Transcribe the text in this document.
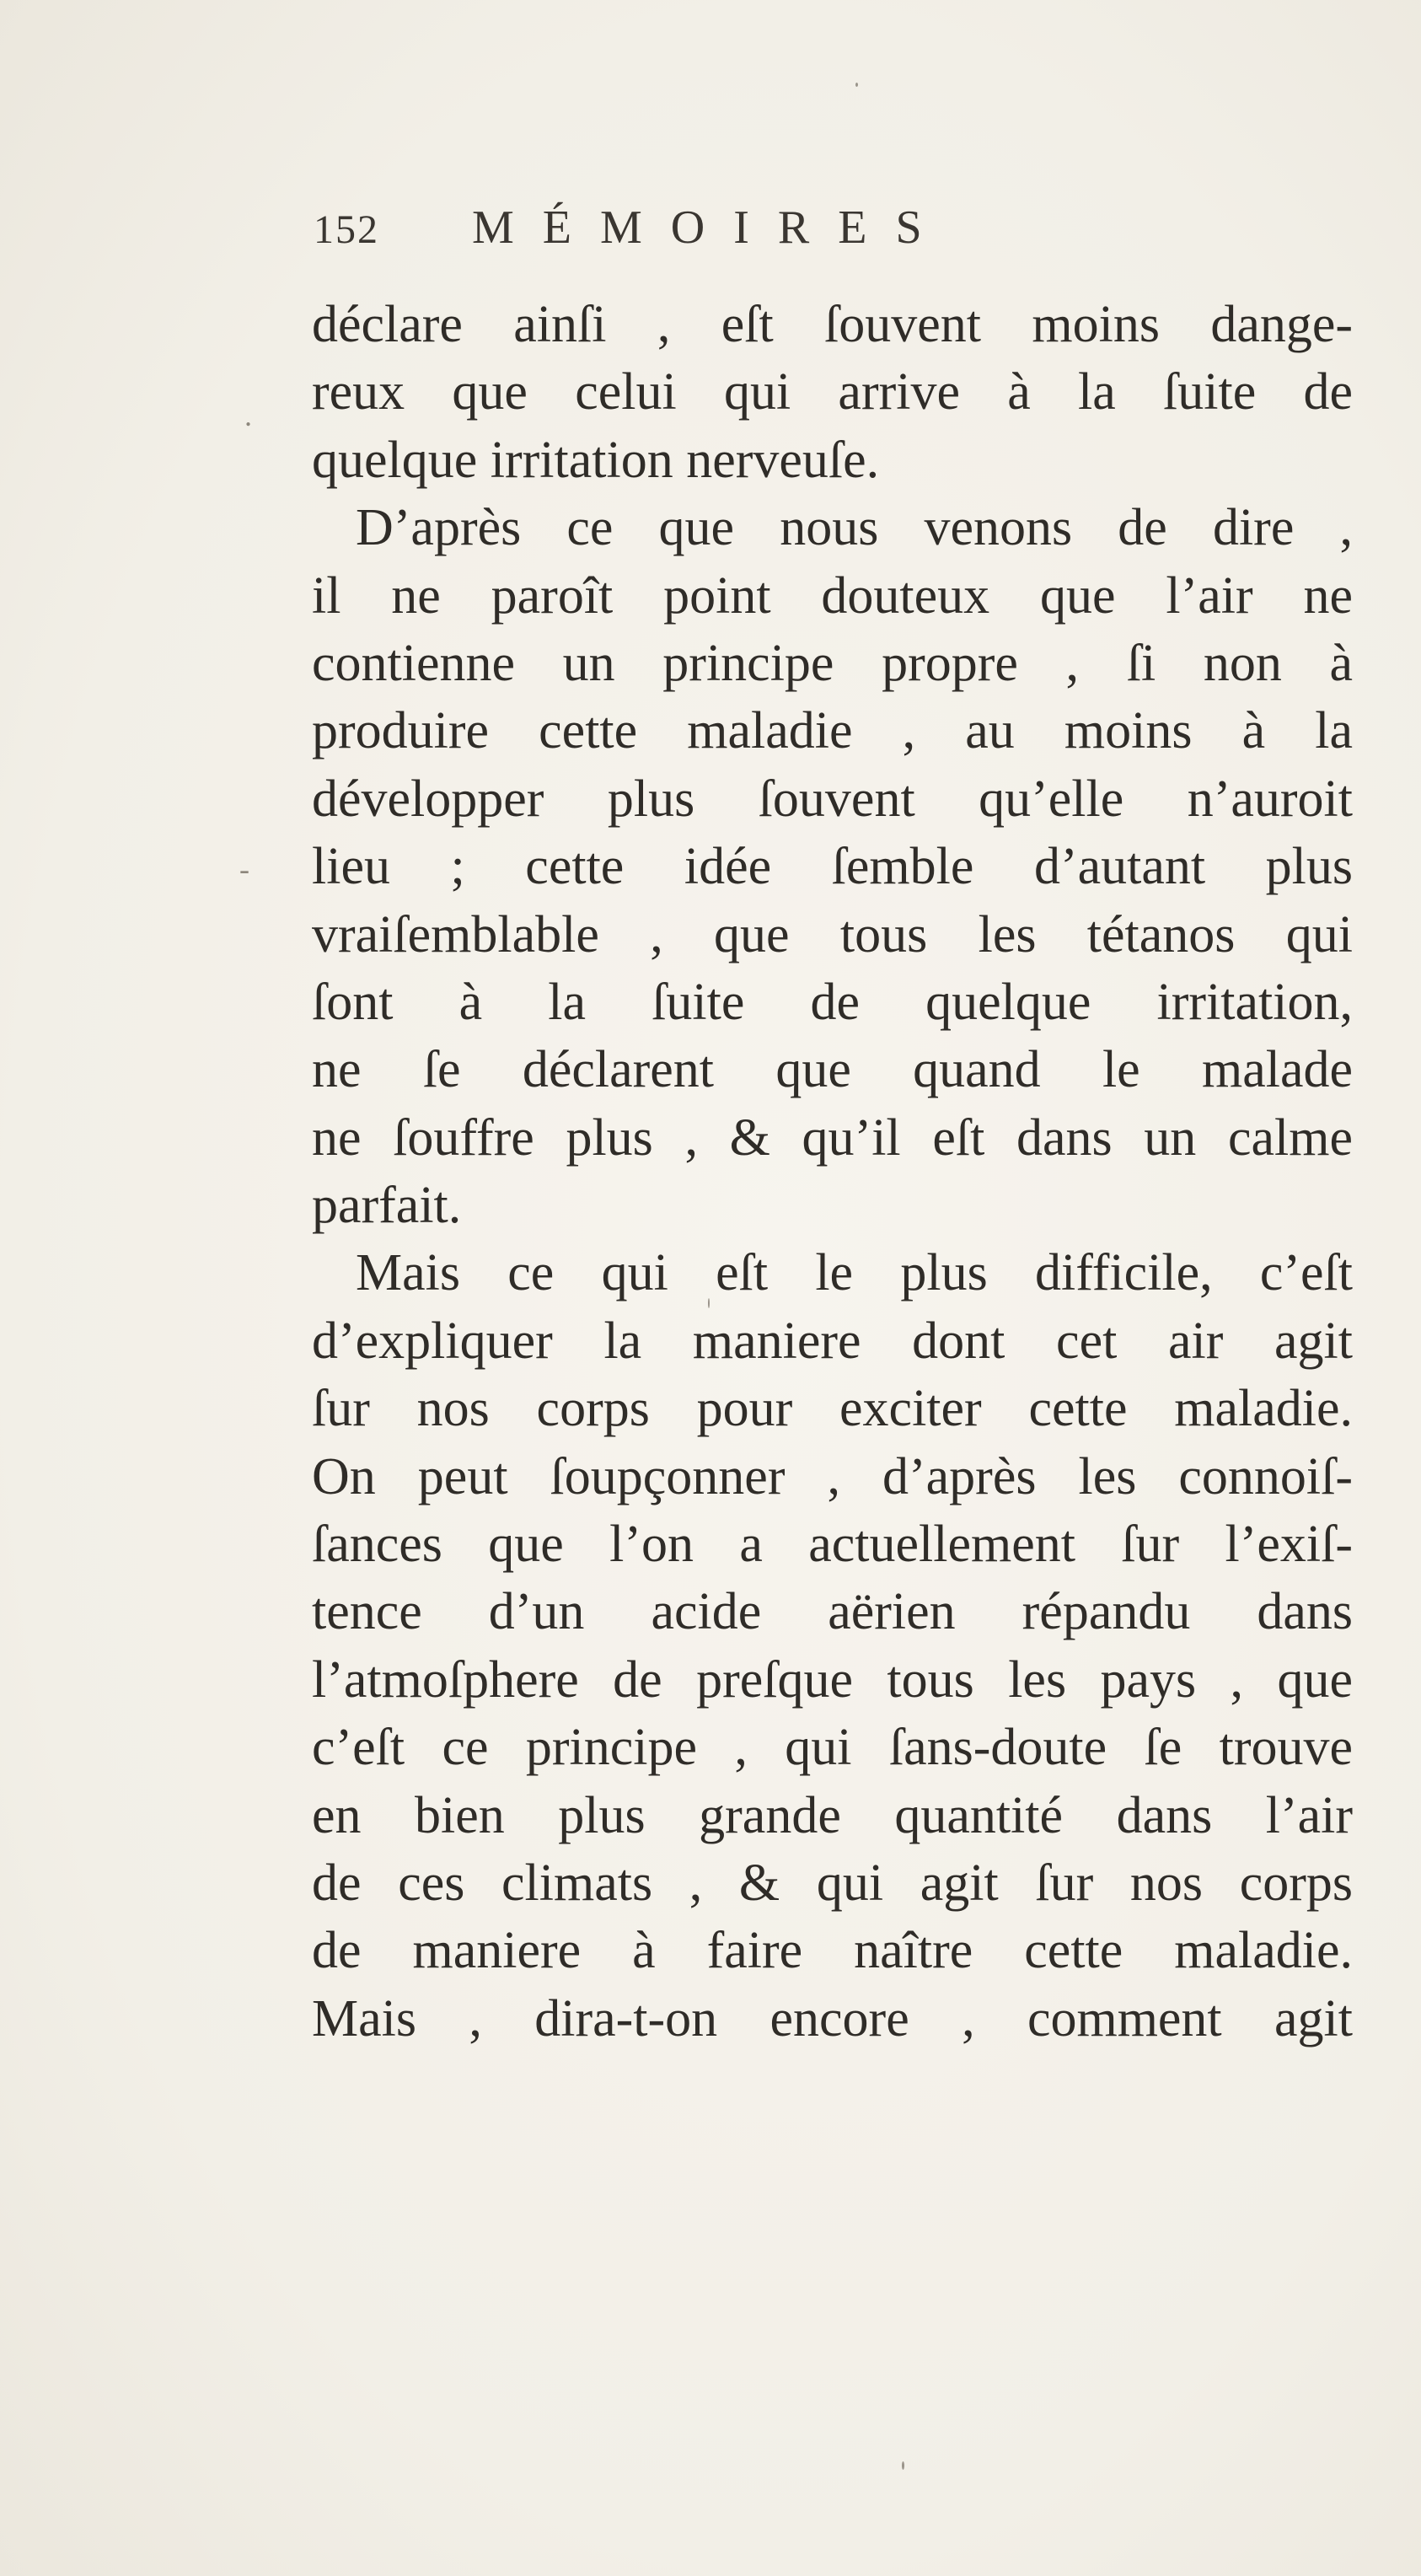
152 MÉMOIRES
.
-
déclare ainſi , eſt ſouvent moins dange-
reux que celui qui arrive à la ſuite de
quelque irritation nerveuſe.
D’après ce que nous venons de dire ,
il ne paroît point douteux que l’air ne
contienne un principe propre , ſi non à
produire cette maladie , au moins à la
développer plus ſouvent qu’elle n’auroit
lieu ; cette idée ſemble d’autant plus
vraiſemblable , que tous les tétanos qui
ſont à la ſuite de quelque irritation,
ne ſe déclarent que quand le malade
ne ſouffre plus , & qu’il eſt dans un calme
parfait.
Mais ce qui eſt le plus difficile, c’eſt
d’expliquer la maniere dont cet air agit
ſur nos corps pour exciter cette maladie.
On peut ſoupçonner , d’après les connoiſ-
ſances que l’on a actuellement ſur l’exiſ-
tence d’un acide aërien répandu dans
l’atmoſphere de preſque tous les pays , que
c’eſt ce principe , qui ſans-doute ſe trouve
en bien plus grande quantité dans l’air
de ces climats , & qui agit ſur nos corps
de maniere à faire naître cette maladie.
Mais , dira-t-on encore , comment agit
